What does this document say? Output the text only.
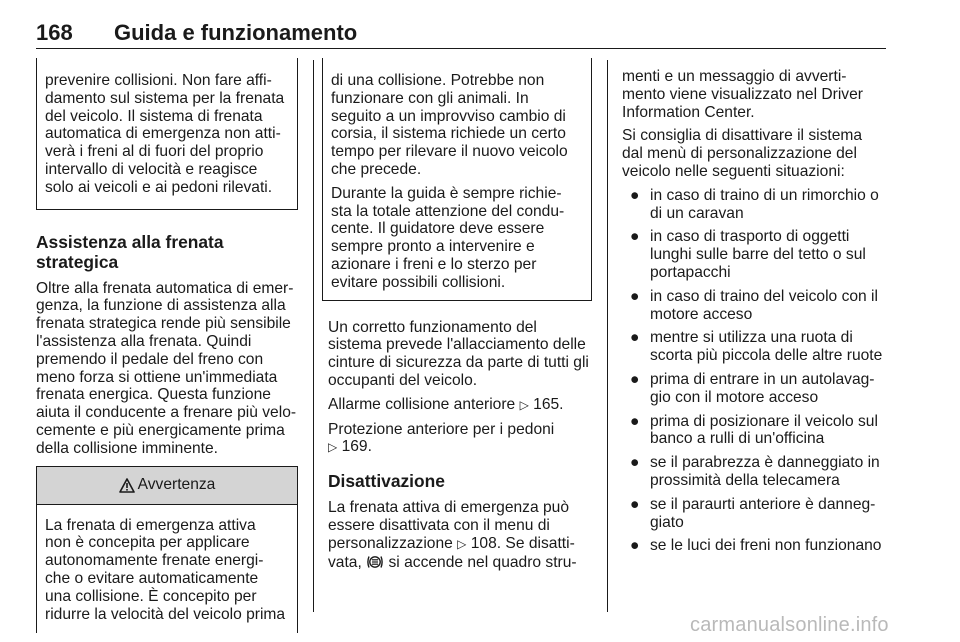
168 Guida e funzionamento

prevenire collisioni. Non fare affi-
damento sul sistema per la frenata
del veicolo. Il sistema di frenata
automatica di emergenza non atti-
verà i freni al di fuori del proprio
intervallo di velocità e reagisce
solo ai veicoli e ai pedoni rilevati.

Assistenza alla frenata strategica

Oltre alla frenata automatica di emer-
genza, la funzione di assistenza alla
frenata strategica rende più sensibile
l'assistenza alla frenata. Quindi
premendo il pedale del freno con
meno forza si ottiene un'immediata
frenata energica. Questa funzione
aiuta il conducente a frenare più velo-
cemente e più energicamente prima
della collisione imminente.

Avvertenza

La frenata di emergenza attiva
non è concepita per applicare
autonomamente frenate energi-
che o evitare automaticamente
una collisione. È concepito per
ridurre la velocità del veicolo prima

di una collisione. Potrebbe non
funzionare con gli animali. In
seguito a un improvviso cambio di
corsia, il sistema richiede un certo
tempo per rilevare il nuovo veicolo
che precede.

Durante la guida è sempre richie-
sta la totale attenzione del condu-
cente. Il guidatore deve essere
sempre pronto a intervenire e
azionare i freni e lo sterzo per
evitare possibili collisioni.

Un corretto funzionamento del
sistema prevede l'allacciamento delle
cinture di sicurezza da parte di tutti gli
occupanti del veicolo.

Allarme collisione anteriore ▷ 165.

Protezione anteriore per i pedoni
▷ 169.

Disattivazione

La frenata attiva di emergenza può
essere disattivata con il menu di
personalizzazione ▷ 108. Se disatti-
vata, si accende nel quadro stru-

menti e un messaggio di avverti-
mento viene visualizzato nel Driver
Information Center.

Si consiglia di disattivare il sistema
dal menù di personalizzazione del
veicolo nelle seguenti situazioni:

● in caso di traino di un rimorchio o
di un caravan
● in caso di trasporto di oggetti
lunghi sulle barre del tetto o sul
portapacchi
● in caso di traino del veicolo con il
motore acceso
● mentre si utilizza una ruota di
scorta più piccola delle altre ruote
● prima di entrare in un autolavag-
gio con il motore acceso
● prima di posizionare il veicolo sul
banco a rulli di un'officina
● se il parabrezza è danneggiato in
prossimità della telecamera
● se il paraurti anteriore è danneg-
giato
● se le luci dei freni non funzionano
carmanualsonline.info
